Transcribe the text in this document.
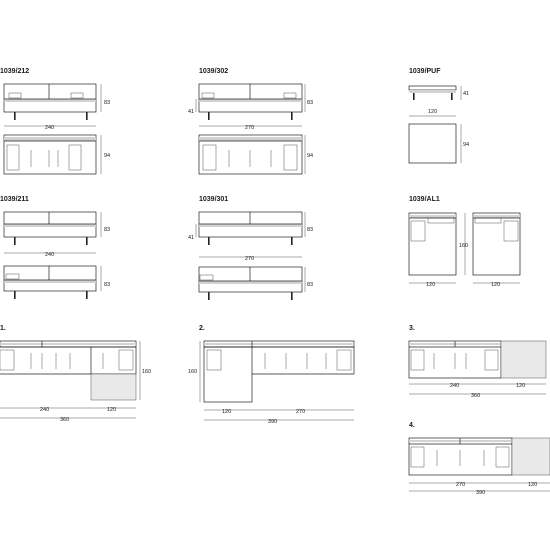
1039/212
83
240
94
1039/302
41
83
270
94
1039/PUF
41
120
94
1039/211
83
240
83
1039/301
41
83
270
83
1039/AL1
160
120	120
1.
160
240	120
360
2.
160
120	270
390
3.
240	120
360
4.
270	120
390
